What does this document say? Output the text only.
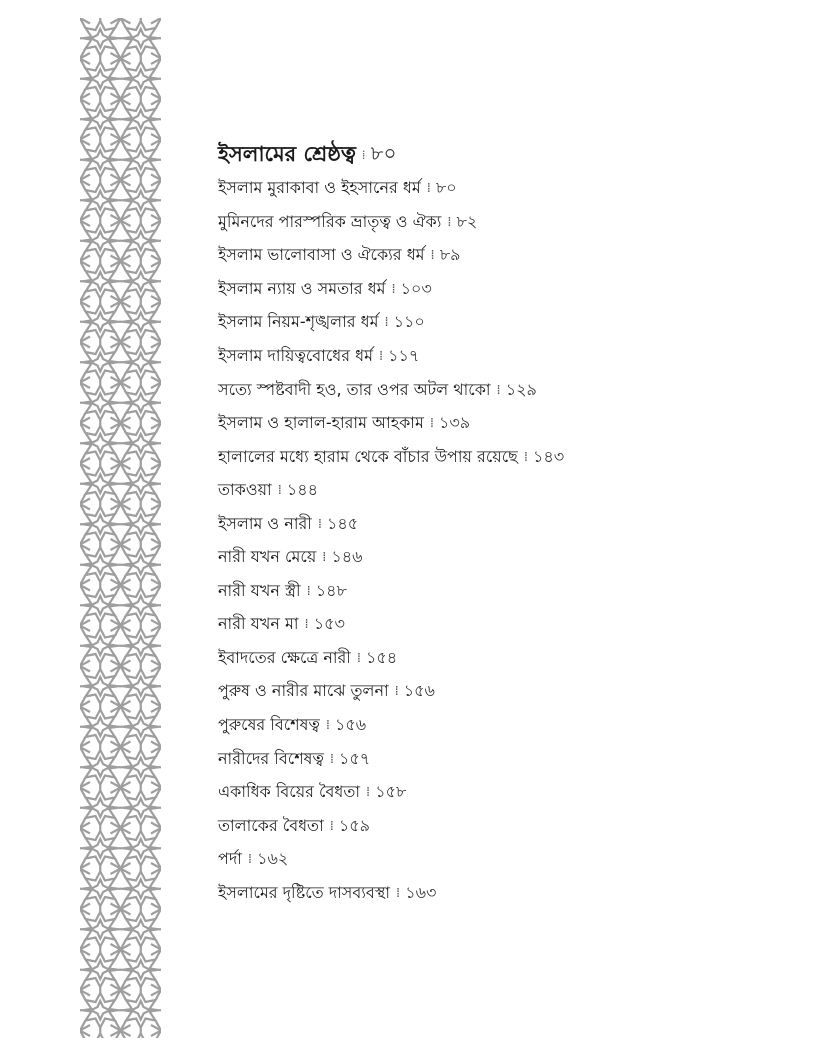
ইসলামের শ্রেষ্ঠত্ব ⁞ ৮০
ইসলাম মুরাকাবা ও ইহসানের ধর্ম ⁞ ৮০
মুমিনদের পারস্পরিক ভ্রাতৃত্ব ও ঐক্য ⁞ ৮২
ইসলাম ভালোবাসা ও ঐক্যের ধর্ম ⁞ ৮৯
ইসলাম ন্যায় ও সমতার ধর্ম ⁞ ১০৩
ইসলাম নিয়ম-শৃঙ্খলার ধর্ম ⁞ ১১০
ইসলাম দায়িত্ববোধের ধর্ম ⁞ ১১৭
সত্যে স্পষ্টবাদী হও, তার ওপর অটল থাকো ⁞ ১২৯
ইসলাম ও হালাল-হারাম আহকাম ⁞ ১৩৯
হালালের মধ্যে হারাম থেকে বাঁচার উপায় রয়েছে ⁞ ১৪৩
তাকওয়া ⁞ ১৪৪
ইসলাম ও নারী ⁞ ১৪৫
নারী যখন মেয়ে ⁞ ১৪৬
নারী যখন স্ত্রী ⁞ ১৪৮
নারী যখন মা ⁞ ১৫৩
ইবাদতের ক্ষেত্রে নারী ⁞ ১৫৪
পুরুষ ও নারীর মাঝে তুলনা ⁞ ১৫৬
পুরুষের বিশেষত্ব ⁞ ১৫৬
নারীদের বিশেষত্ব ⁞ ১৫৭
একাধিক বিয়ের বৈধতা ⁞ ১৫৮
তালাকের বৈধতা ⁞ ১৫৯
পর্দা ⁞ ১৬২
ইসলামের দৃষ্টিতে দাসব্যবস্থা ⁞ ১৬৩
